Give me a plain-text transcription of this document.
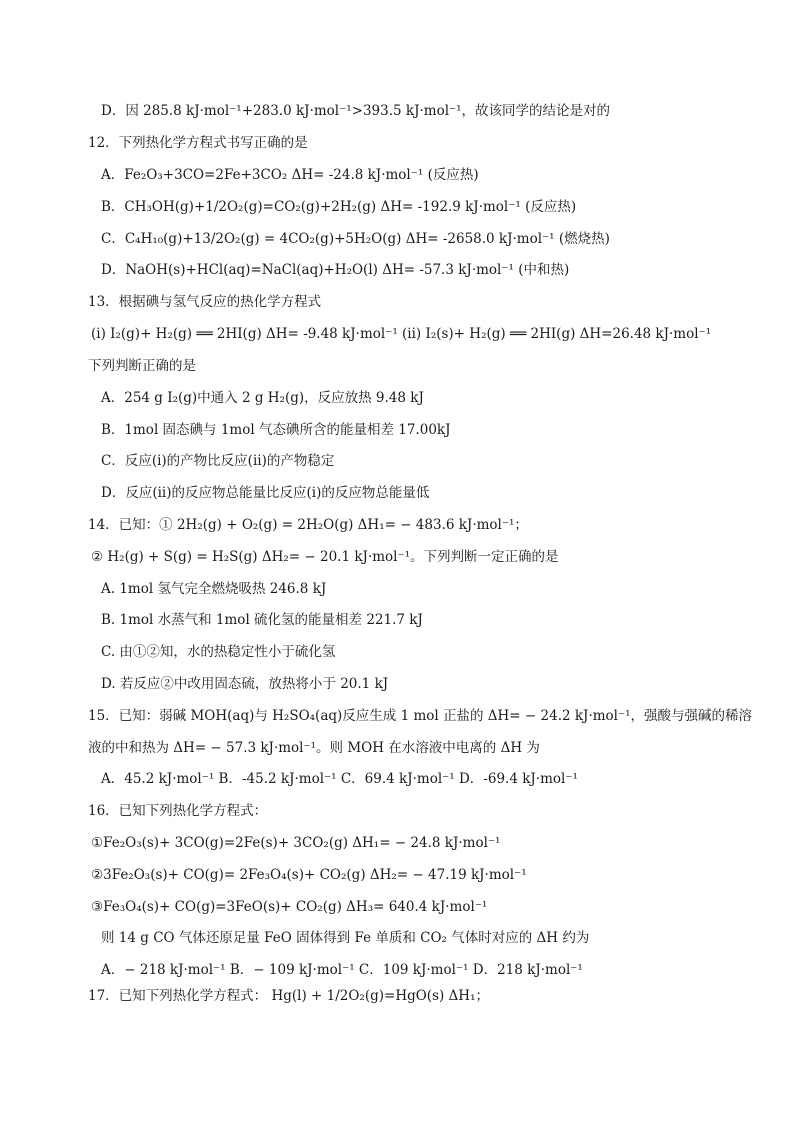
D．因 285.8 kJ·mol⁻¹+283.0 kJ·mol⁻¹>393.5 kJ·mol⁻¹，故该同学的结论是对的
12．下列热化学方程式书写正确的是
A．Fe₂O₃+3CO=2Fe+3CO₂ ΔH= -24.8 kJ·mol⁻¹ (反应热)
B．CH₃OH(g)+1/2O₂(g)=CO₂(g)+2H₂(g) ΔH= -192.9 kJ·mol⁻¹ (反应热)
C．C₄H₁₀(g)+13/2O₂(g) = 4CO₂(g)+5H₂O(g) ΔH= -2658.0 kJ·mol⁻¹ (燃烧热)
D．NaOH(s)+HCl(aq)=NaCl(aq)+H₂O(l) ΔH= -57.3 kJ·mol⁻¹ (中和热)
13．根据碘与氢气反应的热化学方程式
(i) I₂(g)+ H₂(g) ══ 2HI(g) ΔH= -9.48 kJ·mol⁻¹ (ii) I₂(s)+ H₂(g) ══ 2HI(g) ΔH=26.48 kJ·mol⁻¹
下列判断正确的是
A．254 g I₂(g)中通入 2 g H₂(g)，反应放热 9.48 kJ
B．1mol 固态碘与 1mol 气态碘所含的能量相差 17.00kJ
C．反应(i)的产物比反应(ii)的产物稳定
D．反应(ii)的反应物总能量比反应(i)的反应物总能量低
14．已知：① 2H₂(g) + O₂(g) = 2H₂O(g) ΔH₁= − 483.6 kJ·mol⁻¹；
② H₂(g) + S(g) = H₂S(g) ΔH₂= − 20.1 kJ·mol⁻¹。下列判断一定正确的是
A. 1mol 氢气完全燃烧吸热 246.8 kJ
B. 1mol 水蒸气和 1mol 硫化氢的能量相差 221.7 kJ
C. 由①②知，水的热稳定性小于硫化氢
D. 若反应②中改用固态硫，放热将小于 20.1 kJ
15．已知：弱碱 MOH(aq)与 H₂SO₄(aq)反应生成 1 mol 正盐的 ΔH= − 24.2 kJ·mol⁻¹，强酸与强碱的稀溶
液的中和热为 ΔH= − 57.3 kJ·mol⁻¹。则 MOH 在水溶液中电离的 ΔH 为
A．45.2 kJ·mol⁻¹ B．-45.2 kJ·mol⁻¹ C．69.4 kJ·mol⁻¹ D．-69.4 kJ·mol⁻¹
16．已知下列热化学方程式：
①Fe₂O₃(s)+ 3CO(g)=2Fe(s)+ 3CO₂(g) ΔH₁= − 24.8 kJ·mol⁻¹
②3Fe₂O₃(s)+ CO(g)= 2Fe₃O₄(s)+ CO₂(g) ΔH₂= − 47.19 kJ·mol⁻¹
③Fe₃O₄(s)+ CO(g)=3FeO(s)+ CO₂(g) ΔH₃= 640.4 kJ·mol⁻¹
则 14 g CO 气体还原足量 FeO 固体得到 Fe 单质和 CO₂ 气体时对应的 ΔH 约为
A．− 218 kJ·mol⁻¹ B．− 109 kJ·mol⁻¹ C．109 kJ·mol⁻¹ D．218 kJ·mol⁻¹
17．已知下列热化学方程式： Hg(l) + 1/2O₂(g)=HgO(s) ΔH₁；
